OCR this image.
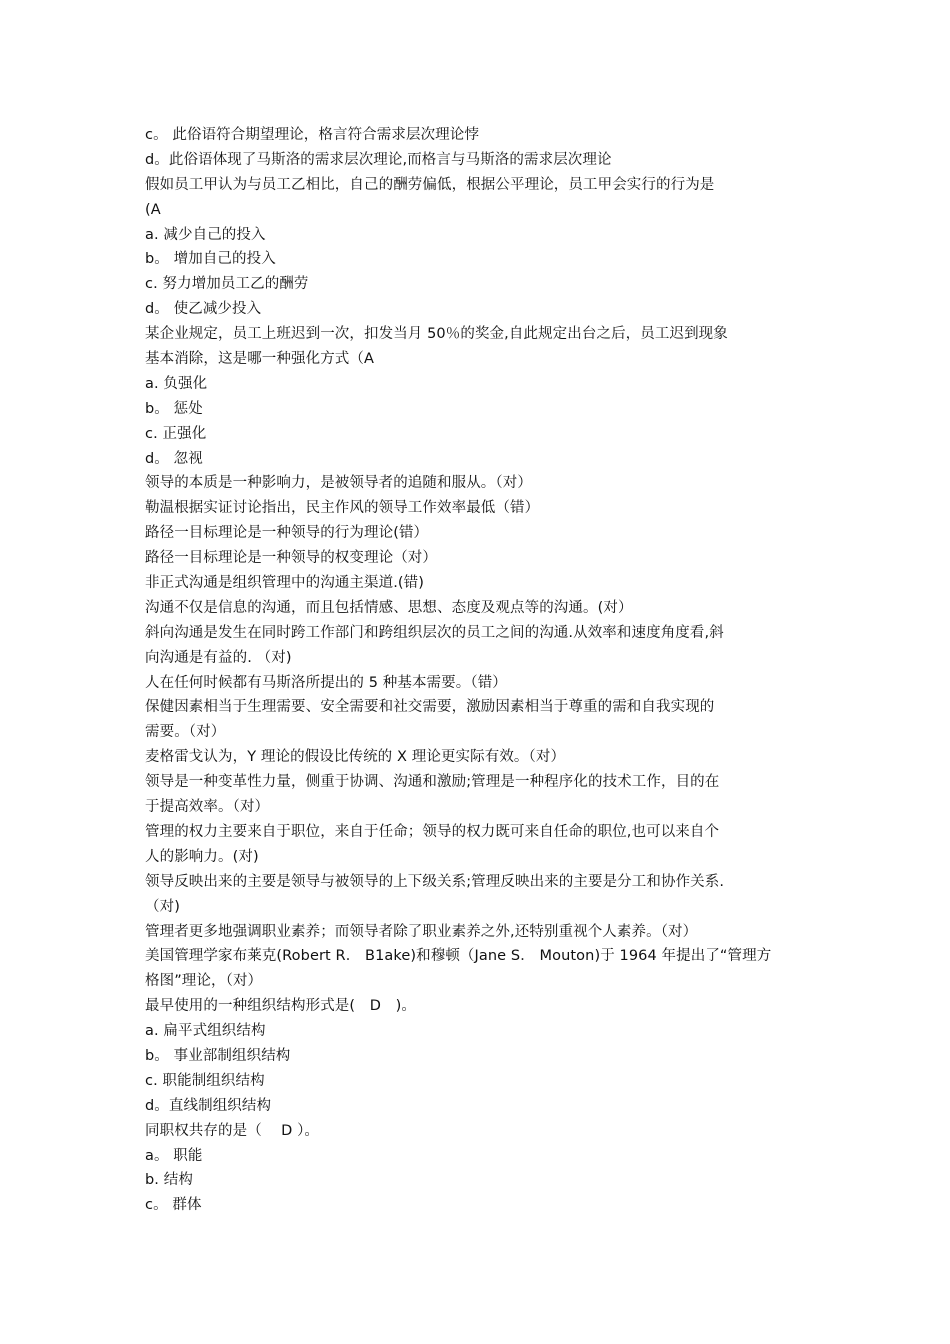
c。 此俗语符合期望理论，格言符合需求层次理论悖
d。此俗语体现了马斯洛的需求层次理论,而格言与马斯洛的需求层次理论
假如员工甲认为与员工乙相比，自己的酬劳偏低，根据公平理论，员工甲会实行的行为是
(A
a. 减少自己的投入
b。 增加自己的投入
c. 努力增加员工乙的酬劳
d。 使乙减少投入
某企业规定，员工上班迟到一次，扣发当月 50％的奖金,自此规定出台之后，员工迟到现象
基本消除，这是哪一种强化方式（A
a. 负强化
b。 惩处
c. 正强化
d。 忽视
领导的本质是一种影响力，是被领导者的追随和服从。（对）
勒温根据实证讨论指出，民主作风的领导工作效率最低（错）
路径一目标理论是一种领导的行为理论(错）
路径一目标理论是一种领导的权变理论（对）
非正式沟通是组织管理中的沟通主渠道.(错)
沟通不仅是信息的沟通，而且包括情感、思想、态度及观点等的沟通。(对）
斜向沟通是发生在同时跨工作部门和跨组织层次的员工之间的沟通.从效率和速度角度看,斜
向沟通是有益的. （对)
人在任何时候都有马斯洛所提出的 5 种基本需要。（错）
保健因素相当于生理需要、安全需要和社交需要，激励因素相当于尊重的需和自我实现的
需要。（对）
麦格雷戈认为，Y 理论的假设比传统的 X 理论更实际有效。（对）
领导是一种变革性力量，侧重于协调、沟通和激励;管理是一种程序化的技术工作，目的在
于提高效率。（对）
管理的权力主要来自于职位，来自于任命；领导的权力既可来自任命的职位,也可以来自个
人的影响力。(对)
领导反映出来的主要是领导与被领导的上下级关系;管理反映出来的主要是分工和协作关系.
（对)
管理者更多地强调职业素养；而领导者除了职业素养之外,还特别重视个人素养。（对）
美国管理学家布莱克(Robert R． B1ake)和穆顿（Jane S． Mouton)于 1964 年提出了“管理方
格图”理论，（对）
最早使用的一种组织结构形式是(　D　)。
a. 扁平式组织结构
b。 事业部制组织结构
c. 职能制组织结构
d。直线制组织结构
同职权共存的是（　 D ）。
a。 职能
b. 结构
c。 群体
